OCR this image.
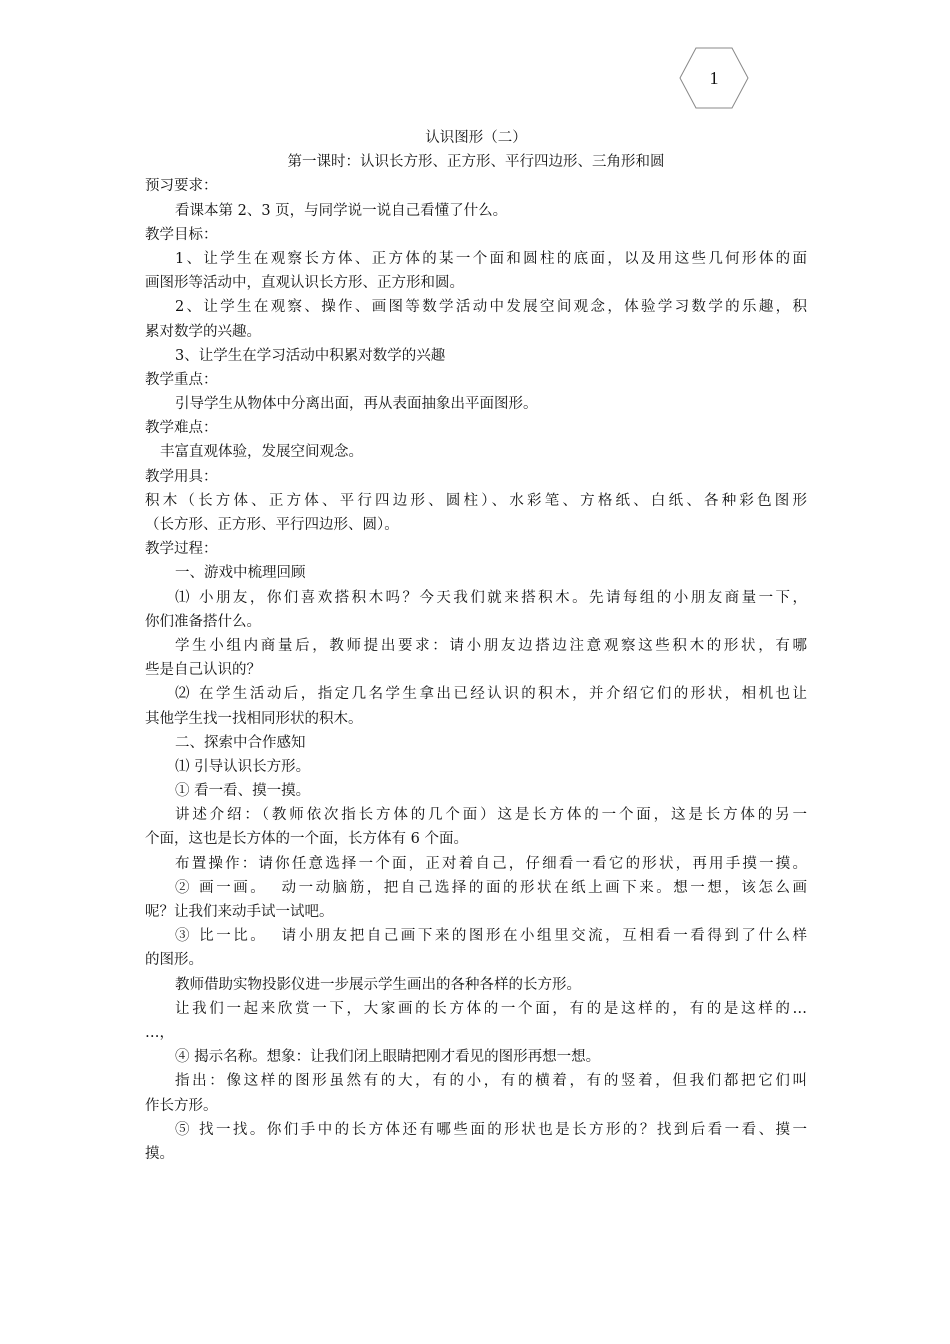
1

认识图形（二）

第一课时：认识长方形、正方形、平行四边形、三角形和圆

预习要求：

看课本第 2、3 页，与同学说一说自己看懂了什么。

教学目标：

1、让学生在观察长方体、正方体的某一个面和圆柱的底面，以及用这些几何形体的面

画图形等活动中，直观认识长方形、正方形和圆。

2、让学生在观察、操作、画图等数学活动中发展空间观念，体验学习数学的乐趣，积

累对数学的兴趣。

3、让学生在学习活动中积累对数学的兴趣

教学重点：

引导学生从物体中分离出面，再从表面抽象出平面图形。

教学难点：

丰富直观体验，发展空间观念。

教学用具：

积木（长方体、正方体、平行四边形、圆柱）、水彩笔、方格纸、白纸、各种彩色图形

（长方形、正方形、平行四边形、圆）。

教学过程：

一、游戏中梳理回顾

⑴ 小朋友，你们喜欢搭积木吗？今天我们就来搭积木。先请每组的小朋友商量一下，

你们准备搭什么。

学生小组内商量后，教师提出要求：请小朋友边搭边注意观察这些积木的形状，有哪

些是自己认识的？

⑵ 在学生活动后，指定几名学生拿出已经认识的积木，并介绍它们的形状，相机也让

其他学生找一找相同形状的积木。

二、探索中合作感知

⑴ 引导认识长方形。

① 看一看、摸一摸。

讲述介绍：（教师依次指长方体的几个面）这是长方体的一个面，这是长方体的另一

个面，这也是长方体的一个面，长方体有 6 个面。

布置操作：请你任意选择一个面，正对着自己，仔细看一看它的形状，再用手摸一摸。

② 画一画。  动一动脑筋，把自己选择的面的形状在纸上画下来。想一想，该怎么画

呢？让我们来动手试一试吧。

③ 比一比。  请小朋友把自己画下来的图形在小组里交流，互相看一看得到了什么样

的图形。

教师借助实物投影仪进一步展示学生画出的各种各样的长方形。

让我们一起来欣赏一下，大家画的长方体的一个面，有的是这样的，有的是这样的…

…，

④ 揭示名称。想象：让我们闭上眼睛把刚才看见的图形再想一想。

指出：像这样的图形虽然有的大，有的小，有的横着，有的竖着，但我们都把它们叫

作长方形。

⑤ 找一找。你们手中的长方体还有哪些面的形状也是长方形的？找到后看一看、摸一

摸。
